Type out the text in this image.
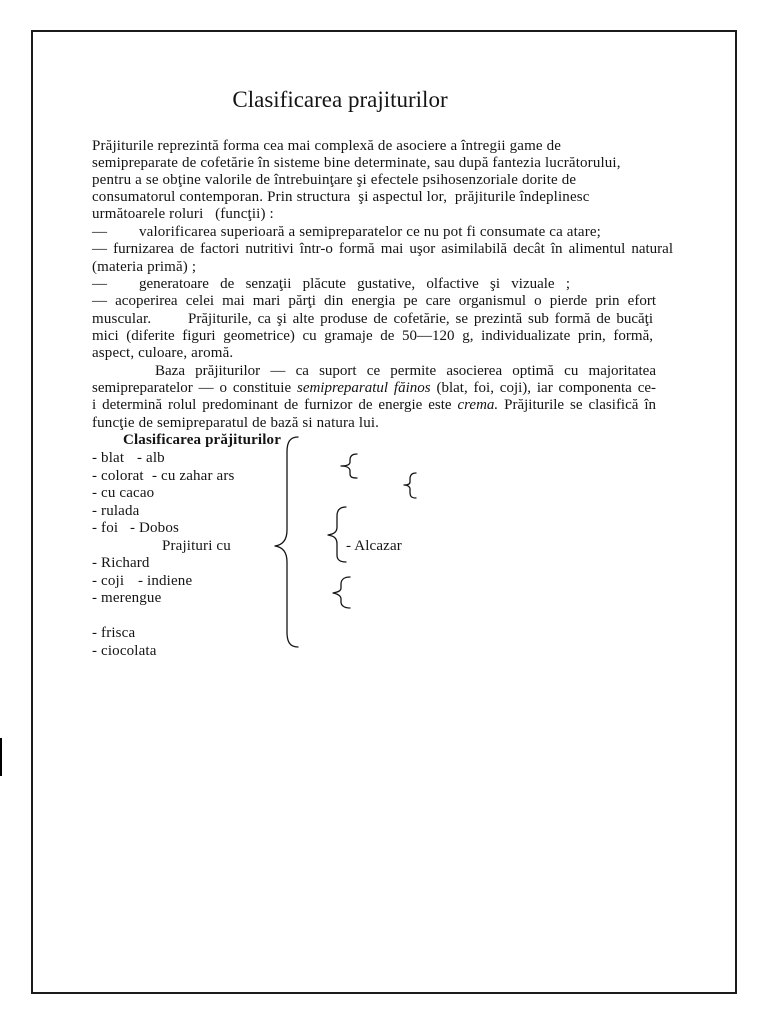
Clasificarea prajiturilor
Prăjiturile reprezintă forma cea mai complexă de asociere a întregii game de
semipreparate de cofetărie în sisteme bine determinate, sau după fantezia lucrătorului,
pentru a se obţine valorile de întrebuinţare şi efectele psihosenzoriale dorite de
consumatorul contemporan. Prin structura  şi aspectul lor,  prăjiturile îndeplinesc
următoarele roluri   (funcţii) :
— valorificarea superioară a semipreparatelor ce nu pot fi consumate ca atare;
— furnizarea de factori nutritivi într-o formă mai uşor asimilabilă decât în alimentul natural
(materia primă) ;
— generatoare de senzaţii plăcute gustative, olfactive şi vizuale ;
— acoperirea celei mai mari părţi din energia pe care organismul o pierde prin efort
muscular. Prăjiturile, ca şi alte produse de cofetărie, se prezintă sub formă de bucăţi
mici (diferite figuri geometrice) cu gramaje de 50—120 g, individualizate prin, formă,
aspect, culoare, aromă.
Baza prăjiturilor — ca suport ce permite asocierea optimă cu majoritatea
semipreparatelor — o constituie semipreparatul făinos (blat, foi, coji), iar componenta ce-
i determină rolul predominant de furnizor de energie este crema. Prăjiturile se clasifică în
funcţie de semipreparatul de bază si natura lui.
Clasificarea prăjiturilor
- blat - alb
- colorat - cu zahar ars
- cu cacao
- rulada
- foi - Dobos
Prajituri cu	- Alcazar
- Richard
- coji - indiene
- merengue
- frisca
- ciocolata
